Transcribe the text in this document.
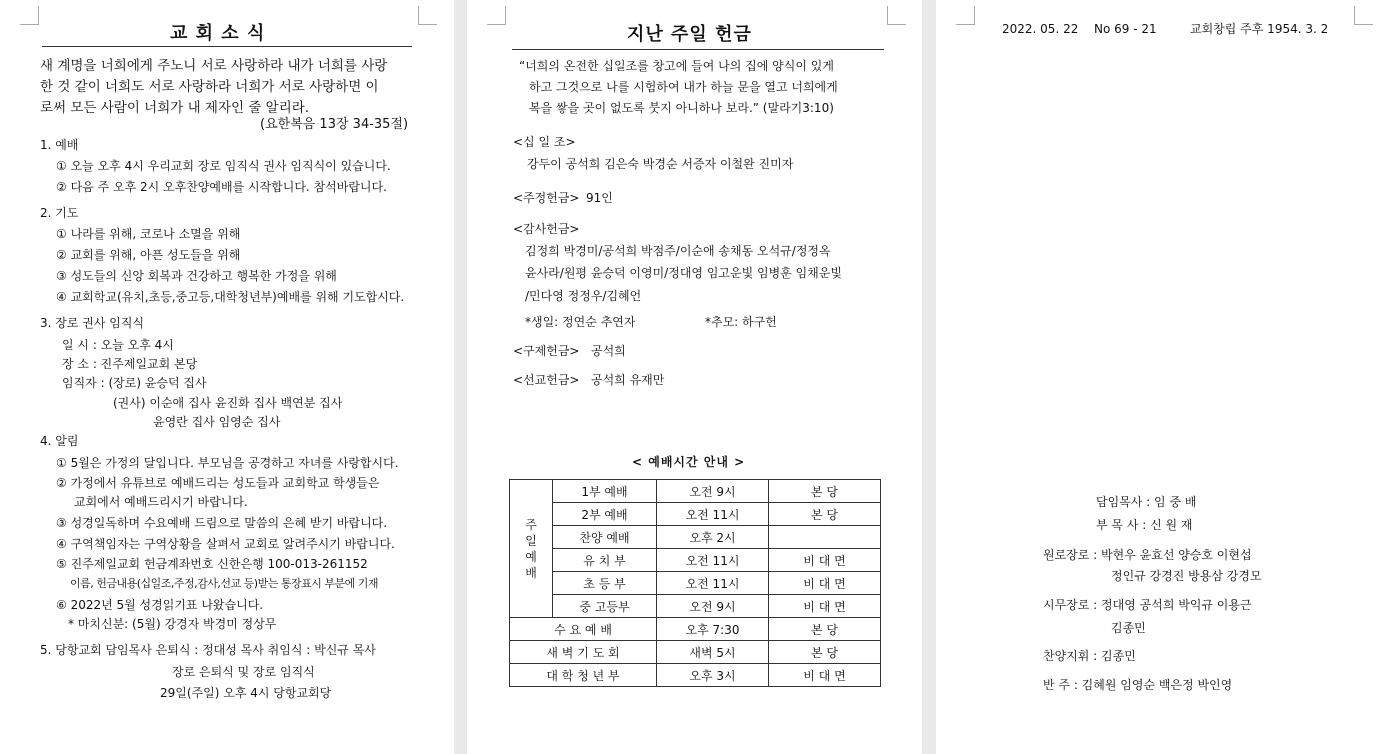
교 회 소 식
새 계명을 너희에게 주노니 서로 사랑하라 내가 너희를 사랑
한 것 같이 너희도 서로 사랑하라 너희가 서로 사랑하면 이
로써 모든 사람이 너희가 내 제자인 줄 알리라.
(요한복음 13장 34-35절)
1. 예배
① 오늘 오후 4시 우리교회 장로 임직식 권사 임직식이 있습니다.
② 다음 주 오후 2시 오후찬양예배를 시작합니다. 참석바랍니다.
2. 기도
① 나라를 위해, 코로나 소멸을 위해
② 교회를 위해, 아픈 성도들을 위해
③ 성도들의 신앙 회복과 건강하고 행복한 가정을 위해
④ 교회학교(유치,초등,중고등,대학청년부)예배를 위해 기도합시다.
3. 장로 권사 임직식
일 시 : 오늘 오후 4시
장 소 : 진주제일교회 본당
임직자 : (장로) 윤승덕 집사
(권사) 이순애 집사 윤진화 집사 백연분 집사
윤영란 집사 임영순 집사
4. 알림
① 5월은 가정의 달입니다. 부모님을 공경하고 자녀를 사랑합시다.
② 가정에서 유튜브로 예배드리는 성도들과 교회학교 학생들은
교회에서 예배드리시기 바랍니다.
③ 성경일독하며 수요예배 드림으로 말씀의 은혜 받기 바랍니다.
④ 구역책임자는 구역상황을 살펴서 교회로 알려주시기 바랍니다.
⑤ 진주제일교회 헌금계좌번호 신한은행 100-013-261152
이름, 헌금내용(십일조,주정,감사,선교 등)받는 통장표시 부분에 기재
⑥ 2022년 5월 성경읽기표 나왔습니다.
* 마치신분: (5월) 강경자 박경미 정상무
5. 당항교회 담임목사 은퇴식 : 정대성 목사 취임식 : 박신규 목사
장로 은퇴식 및 장로 임직식
29일(주일) 오후 4시 당항교회당
지난 주일 헌금
“너희의 온전한 십일조를 창고에 들여 나의 집에 양식이 있게
하고 그것으로 나를 시험하여 내가 하늘 문을 열고 너희에게
복을 쌓을 곳이 없도록 붓지 아니하나 보라.” (말라기3:10)
<십 일 조>
강두이 공석희 김은숙 박경순 서증자 이철완 진미자
<주정헌금> 91인
<감사헌금>
김정희 박경미/공석희 박점주/이순애 송채동 오석규/정정옥
윤사라/원평 윤승덕 이영미/정대영 임고운빛 임병훈 임채운빛
/민다영 정정우/김혜언
*생일: 정연순 추연자	*추모: 하구헌
<구제헌금> 공석희
<선교헌금> 공석희 유재만
< 예배시간 안내 >
주
일
예
배	1부 예배	오전 9시	본 당
	2부 예배	오전 11시	본 당
	찬양 예배	오후 2시	
	유 치 부	오전 11시	비 대 면
	초 등 부	오전 11시	비 대 면
	중 고등부	오전 9시	비 대 면
수 요 예 배		오후 7:30	본 당
새 벽 기 도 회		새벽 5시	본 당
대 학 청 년 부		오후 3시	비 대 면
2022. 05. 22 No 69 - 21	교회창립 주후 1954. 3. 2
담임목사 : 임 중 배
부 목 사 : 신 원 재
원로장로 : 박현우 윤효선 양승호 이현섭
정인규 강경진 방용삼 강경모
시무장로 : 정대영 공석희 박익규 이용근
김종민
찬양지휘 : 김종민
반 주 : 김혜원 임영순 백은정 박인영
